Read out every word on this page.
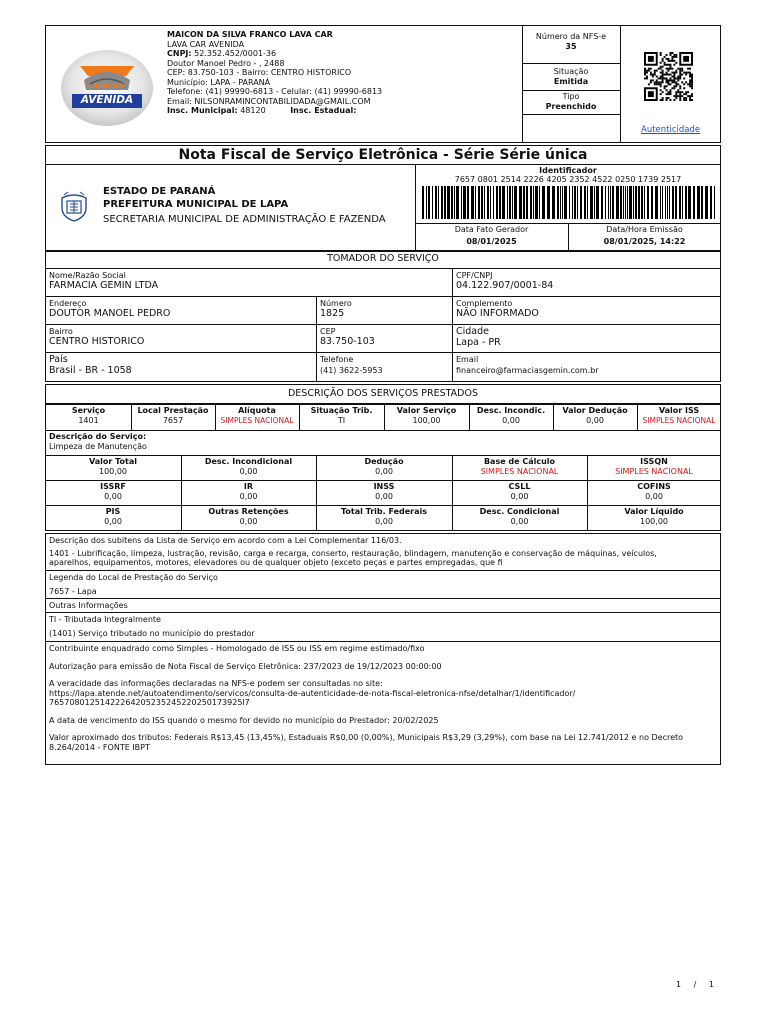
LAVACAR
AVENIDA
MAICON DA SILVA FRANCO LAVA CAR
LAVA CAR AVENIDA
CNPJ: 52.352.452/0001-36
Doutor Manoel Pedro - , 2488
CEP: 83.750-103 - Bairro: CENTRO HISTORICO
Município: LAPA - PARANÁ
Telefone: (41) 99990-6813 - Celular: (41) 99990-6813
Email: NILSONRAMINCONTABILIDADA@GMAIL.COM
Insc. Municipal: 48120	Insc. Estadual:
Número da NFS-e
35
Situação
Emitida
Tipo
Preenchido
Autenticidade
Nota Fiscal de Serviço Eletrônica - Série Série única
ESTADO DE PARANÁ
PREFEITURA MUNICIPAL DE LAPA
SECRETARIA MUNICIPAL DE ADMINISTRAÇÃO E FAZENDA
Identificador
7657 0801 2514 2226 4205 2352 4522 0250 1739 2517
Data Fato Gerador
08/01/2025
Data/Hora Emissão
08/01/2025, 14:22
TOMADOR DO SERVIÇO
Nome/Razão Social
FARMACIA GEMIN LTDA
CPF/CNPJ
04.122.907/0001-84
Endereço
DOUTOR MANOEL PEDRO
Número
1825
Complemento
NÃO INFORMADO
Bairro
CENTRO HISTORICO
CEP
83.750-103
Cidade
Lapa - PR
País
Brasil - BR - 1058
Telefone
(41) 3622-5953
Email
financeiro@farmaciasgemin.com.br
DESCRIÇÃO DOS SERVIÇOS PRESTADOS
Serviço
1401
Local Prestação
7657
Alíquota
SIMPLES NACIONAL
Situação Trib.
TI
Valor Serviço
100,00
Desc. Incondic.
0,00
Valor Dedução
0,00
Valor ISS
SIMPLES NACIONAL
Descrição do Serviço:
Limpeza de Manutenção
Valor Total
100,00
Desc. Incondicional
0,00
Dedução
0,00
Base de Cálculo
SIMPLES NACIONAL
ISSQN
SIMPLES NACIONAL
ISSRF
0,00
IR
0,00
INSS
0,00
CSLL
0,00
COFINS
0,00
PIS
0,00
Outras Retenções
0,00
Total Trib. Federais
0,00
Desc. Condicional
0,00
Valor Líquido
100,00
Descrição dos subitens da Lista de Serviço em acordo com a Lei Complementar 116/03.
1401 - Lubrificação, limpeza, lustração, revisão, carga e recarga, conserto, restauração, blindagem, manutenção e conservação de máquinas, veículos,
aparelhos, equipamentos, motores, elevadores ou de qualquer objeto (exceto peças e partes empregadas, que fi
Legenda do Local de Prestação do Serviço
7657 - Lapa
Outras Informações
TI - Tributada Integralmente
(1401) Serviço tributado no município do prestador
Contribuinte enquadrado como Simples - Homologado de ISS ou ISS em regime estimado/fixo
Autorização para emissão de Nota Fiscal de Serviço Eletrônica: 237/2023 de 19/12/2023 00:00:00
A veracidade das informações declaradas na NFS-e podem ser consultadas no site:
https://lapa.atende.net/autoatendimento/servicos/consulta-de-autenticidade-de-nota-fiscal-eletronica-nfse/detalhar/1/identificador/
76570801251422264205235245220250173925l7
A data de vencimento do ISS quando o mesmo for devido no município do Prestador: 20/02/2025
Valor aproximado dos tributos: Federais R$13,45 (13,45%), Estaduais R$0,00 (0,00%), Municipais R$3,29 (3,29%), com base na Lei 12.741/2012 e no Decreto
8.264/2014 - FONTE IBPT
1 / 1
